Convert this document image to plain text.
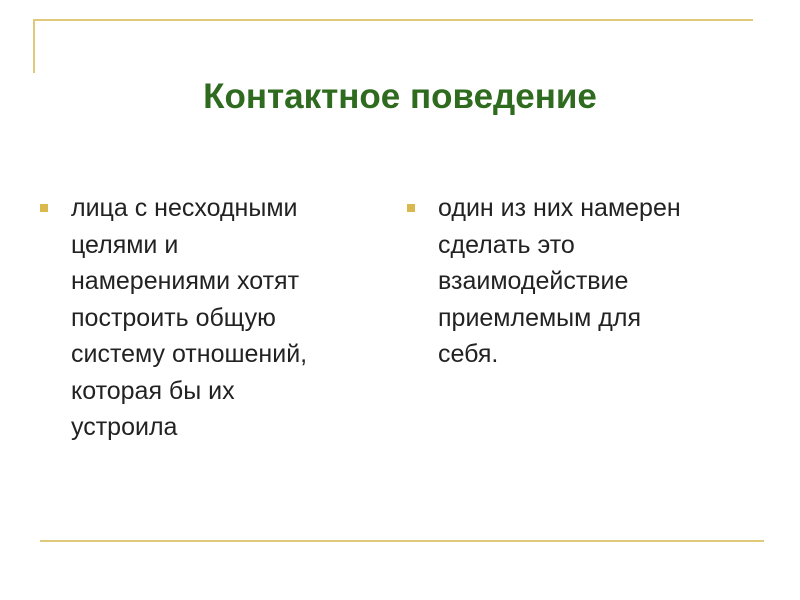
Контактное поведение
лица с несходными
целями и
намерениями хотят
построить общую
систему отношений,
которая бы их
устроила
один из них намерен
сделать это
взаимодействие
приемлемым для
себя.
